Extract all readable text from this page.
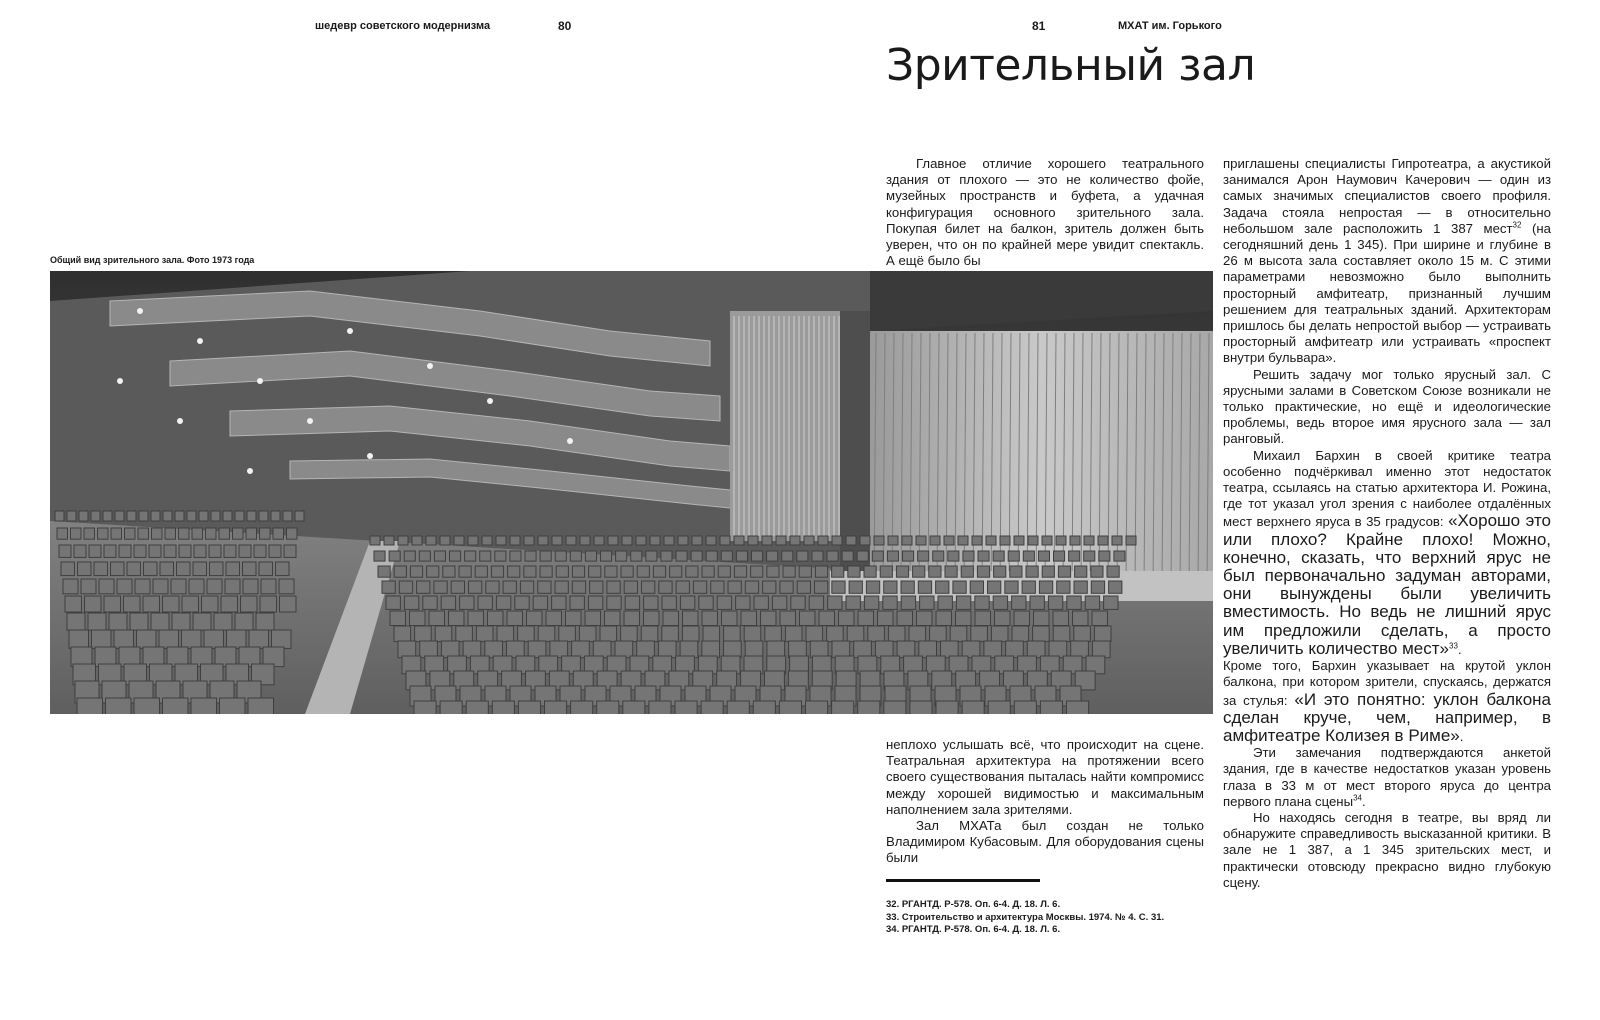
шедевр советского модернизма	80	81	МХАТ им. Горького
Зрительный зал
Общий вид зрительного зала. Фото 1973 года

Главное отличие хорошего театрального здания от плохого — это не количество фойе, музейных пространств и буфета, а удачная конфигурация основного зрительного зала. Покупая билет на балкон, зритель должен быть уверен, что он по крайней мере увидит спектакль. А ещё было бы

неплохо услышать всё, что происходит на сцене. Театральная архитектура на протяжении всего своего существования пыталась найти компромисс между хорошей видимостью и максимальным наполнением зала зрителями.

Зал МХАТа был создан не только Владимиром Кубасовым. Для оборудования сцены были

приглашены специалисты Гипротеатра, а акустикой занимался Арон Наумович Качерович — один из самых значимых специалистов своего профиля. Задача стояла непростая — в относительно небольшом зале расположить 1 387 мест$^{32}$ (на сегодняшний день 1 345). При ширине и глубине в 26 м высота зала составляет около 15 м. С этими параметрами невозможно было выполнить просторный амфитеатр, признанный лучшим решением для театральных зданий. Архитекторам пришлось бы делать непростой выбор — устраивать просторный амфитеатр или устраивать «проспект внутри бульвара».

Решить задачу мог только ярусный зал. С ярусными залами в Советском Союзе возникали не только практические, но ещё и идеологические проблемы, ведь второе имя ярусного зала — зал ранговый.

Михаил Бархин в своей критике театра особенно подчёркивал именно этот недостаток театра, ссылаясь на статью архитектора И. Рожина, где тот указал угол зрения с наиболее отдалённых мест верхнего яруса в 35 градусов: «Хорошо это или плохо? Крайне плохо! Можно, конечно, сказать, что верхний ярус не был первоначально задуман авторами, они вынуждены были увеличить вместимость. Но ведь не лишний ярус им предложили сделать, а просто увеличить количество мест»$^{33}$.

Кроме того, Бархин указывает на крутой уклон балкона, при котором зрители, спускаясь, держатся за стулья: «И это понятно: уклон балкона сделан круче, чем, например, в амфитеатре Колизея в Риме».

Эти замечания подтверждаются анкетой здания, где в качестве недостатков указан уровень глаза в 33 м от мест второго яруса до центра первого плана сцены$^{34}$.

Но находясь сегодня в театре, вы вряд ли обнаружите справедливость высказанной критики. В зале не 1 387, а 1 345 зрительских мест, и практически отовсюду прекрасно видно глубокую сцену.

32. РГАНТД. Р-578. Оп. 6-4. Д. 18. Л. 6.
33. Строительство и архитектура Москвы. 1974. № 4. С. 31.
34. РГАНТД. Р-578. Оп. 6-4. Д. 18. Л. 6.
